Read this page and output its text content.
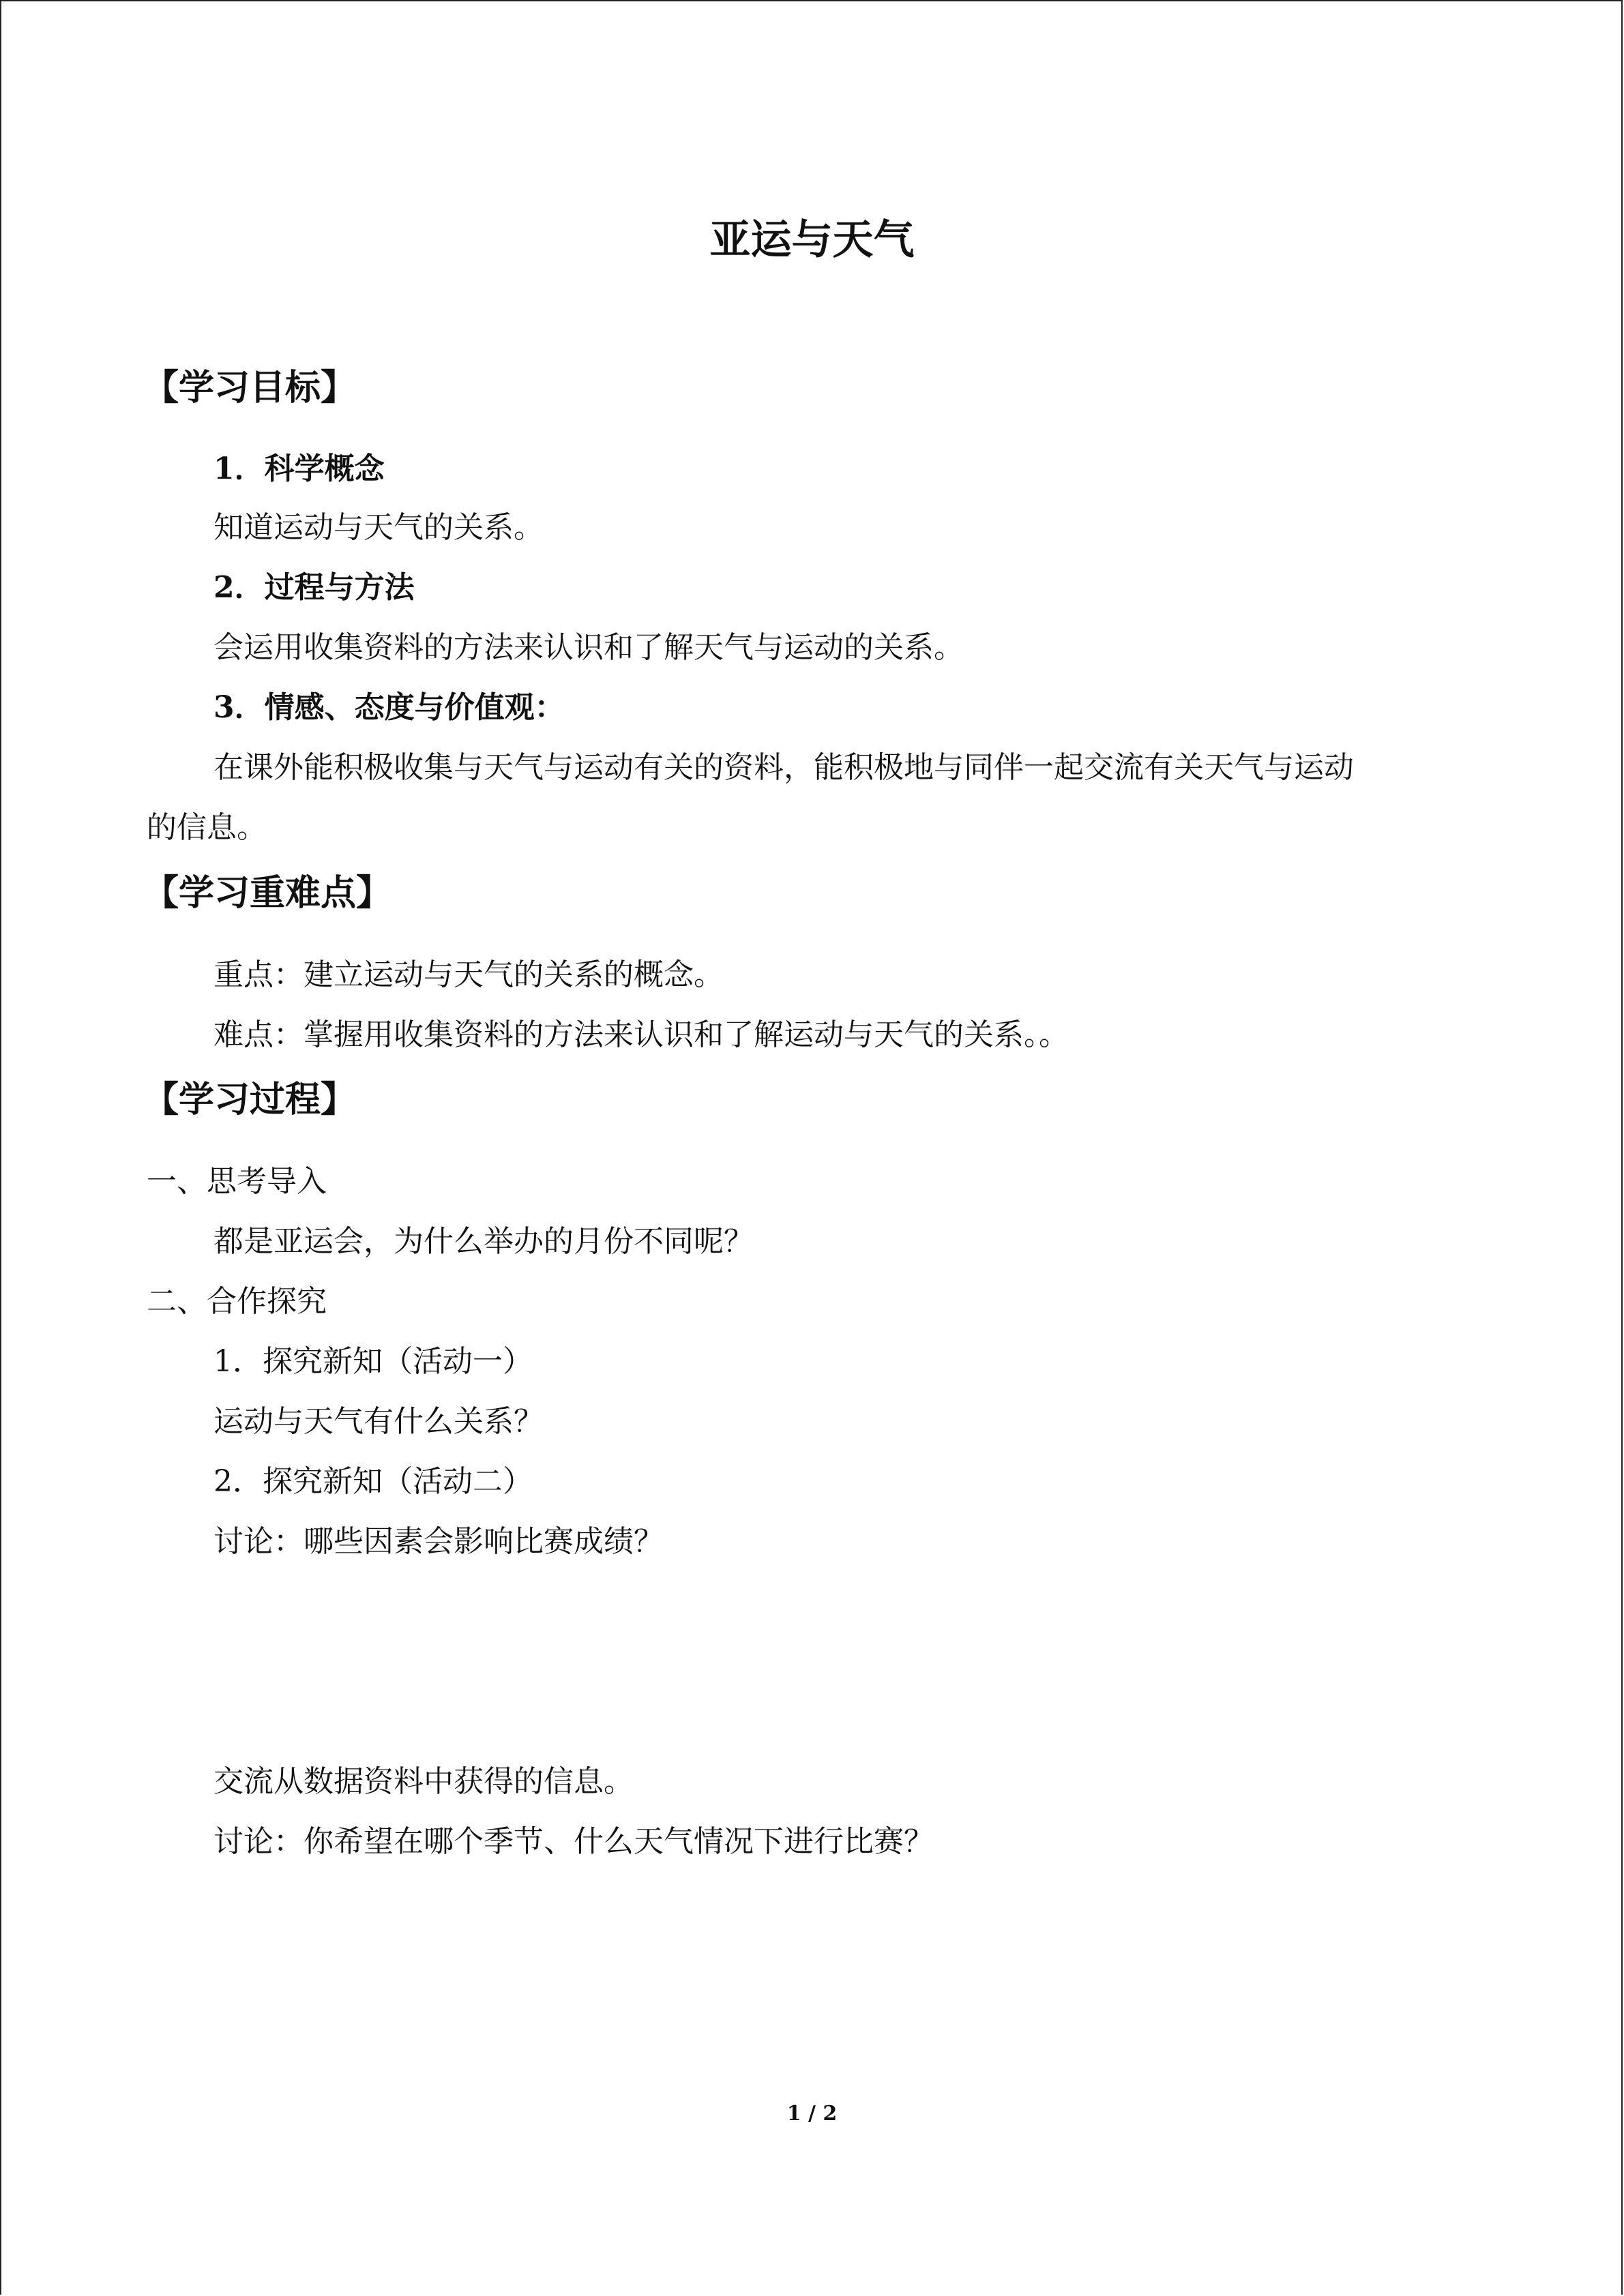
亚运与天气
【学习目标】
1．科学概念
知道运动与天气的关系。
2．过程与方法
会运用收集资料的方法来认识和了解天气与运动的关系。
3．情感、态度与价值观：
在课外能积极收集与天气与运动有关的资料，能积极地与同伴一起交流有关天气与运动
的信息。
【学习重难点】
重点：建立运动与天气的关系的概念。
难点：掌握用收集资料的方法来认识和了解运动与天气的关系。。
【学习过程】
一、思考导入
都是亚运会，为什么举办的月份不同呢？
二、合作探究
1．探究新知（活动一）
运动与天气有什么关系？
2．探究新知（活动二）
讨论：哪些因素会影响比赛成绩？
交流从数据资料中获得的信息。
讨论：你希望在哪个季节、什么天气情况下进行比赛？
1 / 2
